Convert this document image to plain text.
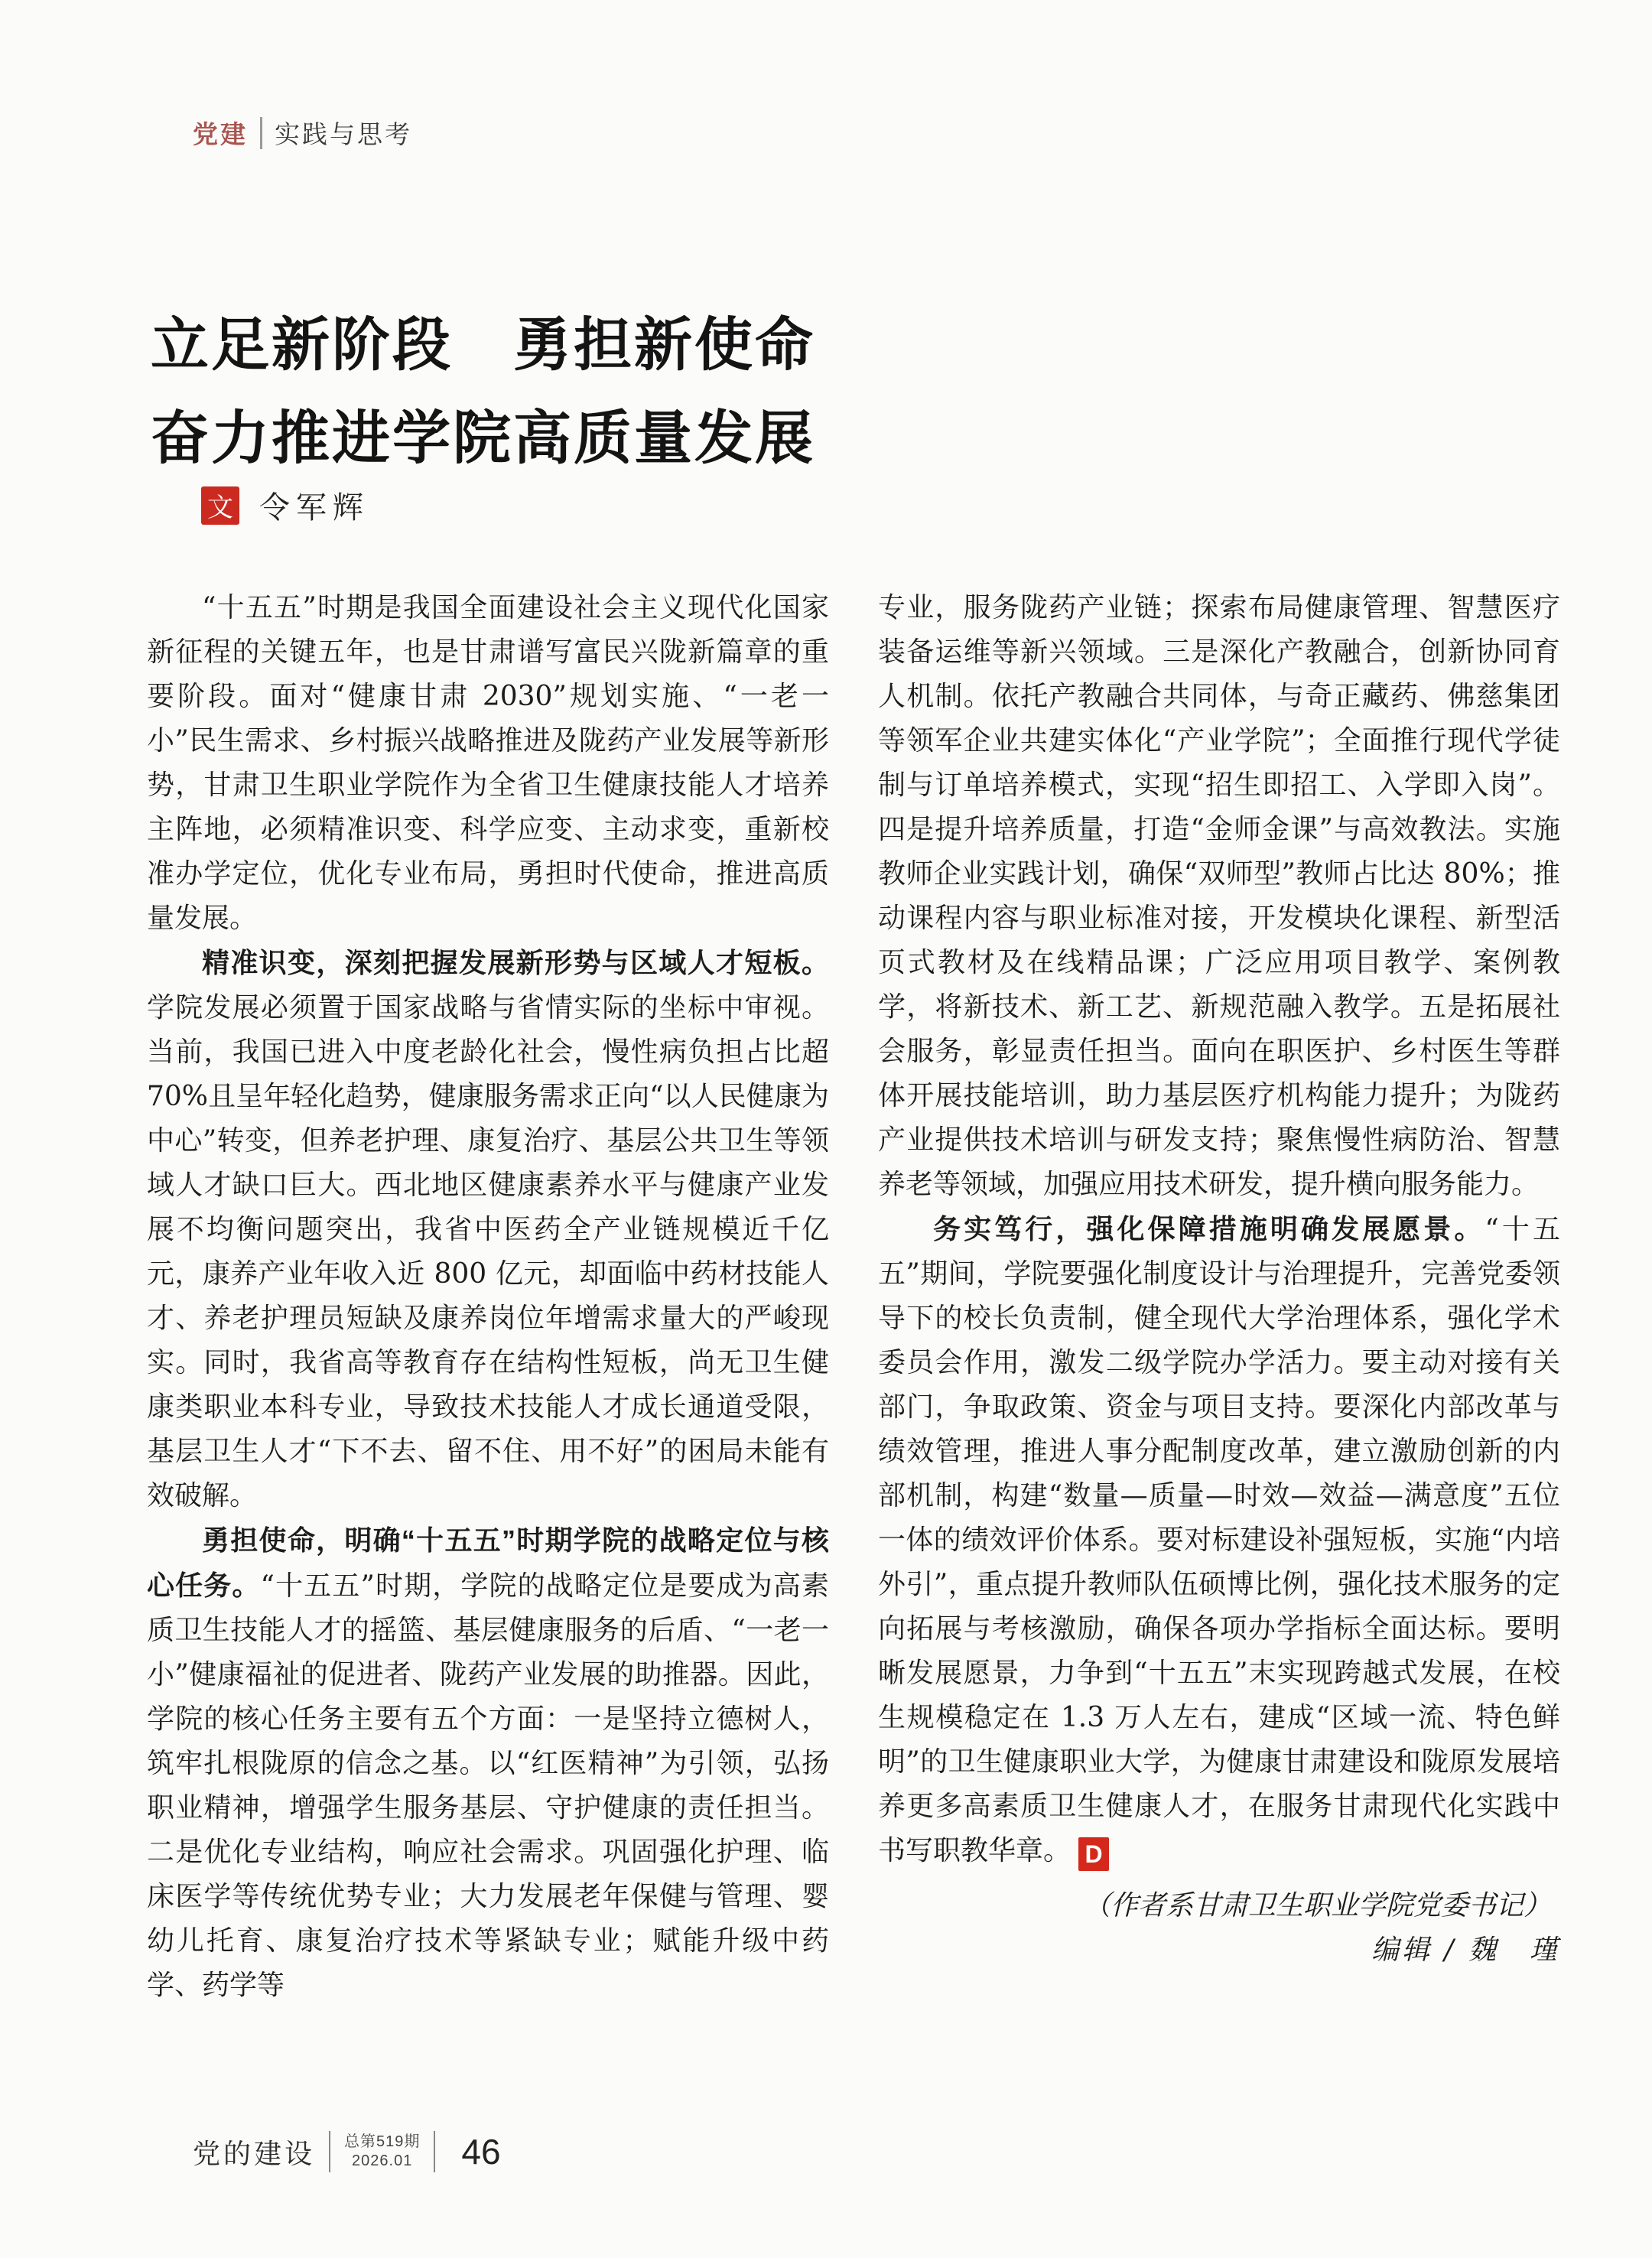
党建 实践与思考
立足新阶段　勇担新使命
奋力推进学院高质量发展
文 令军辉

“十五五”时期是我国全面建设社会主义现代化国家新征程的关键五年，也是甘肃谱写富民兴陇新篇章的重要阶段。面对“健康甘肃 2030”规划实施、“一老一小”民生需求、乡村振兴战略推进及陇药产业发展等新形势，甘肃卫生职业学院作为全省卫生健康技能人才培养主阵地，必须精准识变、科学应变、主动求变，重新校准办学定位，优化专业布局，勇担时代使命，推进高质量发展。

精准识变，深刻把握发展新形势与区域人才短板。学院发展必须置于国家战略与省情实际的坐标中审视。当前，我国已进入中度老龄化社会，慢性病负担占比超 70%且呈年轻化趋势，健康服务需求正向“以人民健康为中心”转变，但养老护理、康复治疗、基层公共卫生等领域人才缺口巨大。西北地区健康素养水平与健康产业发展不均衡问题突出，我省中医药全产业链规模近千亿元，康养产业年收入近 800 亿元，却面临中药材技能人才、养老护理员短缺及康养岗位年增需求量大的严峻现实。同时，我省高等教育存在结构性短板，尚无卫生健康类职业本科专业，导致技术技能人才成长通道受限，基层卫生人才“下不去、留不住、用不好”的困局未能有效破解。

勇担使命，明确“十五五”时期学院的战略定位与核心任务。“十五五”时期，学院的战略定位是要成为高素质卫生技能人才的摇篮、基层健康服务的后盾、“一老一小”健康福祉的促进者、陇药产业发展的助推器。因此，学院的核心任务主要有五个方面：一是坚持立德树人，筑牢扎根陇原的信念之基。以“红医精神”为引领，弘扬职业精神，增强学生服务基层、守护健康的责任担当。二是优化专业结构，响应社会需求。巩固强化护理、临床医学等传统优势专业；大力发展老年保健与管理、婴幼儿托育、康复治疗技术等紧缺专业；赋能升级中药学、药学等

专业，服务陇药产业链；探索布局健康管理、智慧医疗装备运维等新兴领域。三是深化产教融合，创新协同育人机制。依托产教融合共同体，与奇正藏药、佛慈集团等领军企业共建实体化“产业学院”；全面推行现代学徒制与订单培养模式，实现“招生即招工、入学即入岗”。四是提升培养质量，打造“金师金课”与高效教法。实施教师企业实践计划，确保“双师型”教师占比达 80%；推动课程内容与职业标准对接，开发模块化课程、新型活页式教材及在线精品课；广泛应用项目教学、案例教学，将新技术、新工艺、新规范融入教学。五是拓展社会服务，彰显责任担当。面向在职医护、乡村医生等群体开展技能培训，助力基层医疗机构能力提升；为陇药产业提供技术培训与研发支持；聚焦慢性病防治、智慧养老等领域，加强应用技术研发，提升横向服务能力。

务实笃行，强化保障措施明确发展愿景。“十五五”期间，学院要强化制度设计与治理提升，完善党委领导下的校长负责制，健全现代大学治理体系，强化学术委员会作用，激发二级学院办学活力。要主动对接有关部门，争取政策、资金与项目支持。要深化内部改革与绩效管理，推进人事分配制度改革，建立激励创新的内部机制，构建“数量—质量—时效—效益—满意度”五位一体的绩效评价体系。要对标建设补强短板，实施“内培外引”，重点提升教师队伍硕博比例，强化技术服务的定向拓展与考核激励，确保各项办学指标全面达标。要明晰发展愿景，力争到“十五五”末实现跨越式发展，在校生规模稳定在 1.3 万人左右，建成“区域一流、特色鲜明”的卫生健康职业大学，为健康甘肃建设和陇原发展培养更多高素质卫生健康人才，在服务甘肃现代化实践中书写职教华章。 D

（作者系甘肃卫生职业学院党委书记）

编辑 / 魏　瑾

党的建设 总第519期
2026.01 46
